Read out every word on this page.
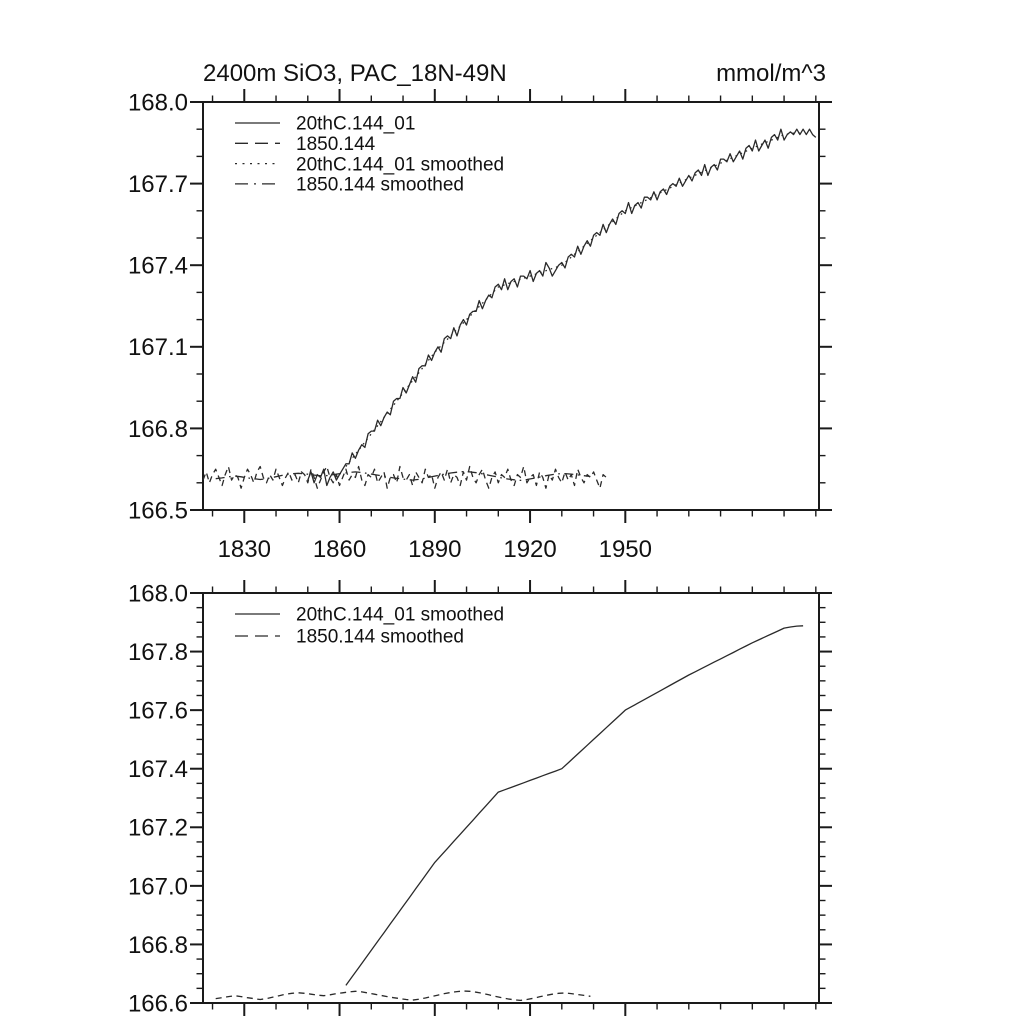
2400m SiO3, PAC_18N-49N	mmol/m^3
1830 1860 1890 1920 1950
168.0
167.7
167.4
167.1
166.8
166.5
20thC.144_01
1850.144
20thC.144_01 smoothed
1850.144 smoothed
168.0
167.8
167.6
167.4
167.2
167.0
166.8
166.6
20thC.144_01 smoothed
1850.144 smoothed
